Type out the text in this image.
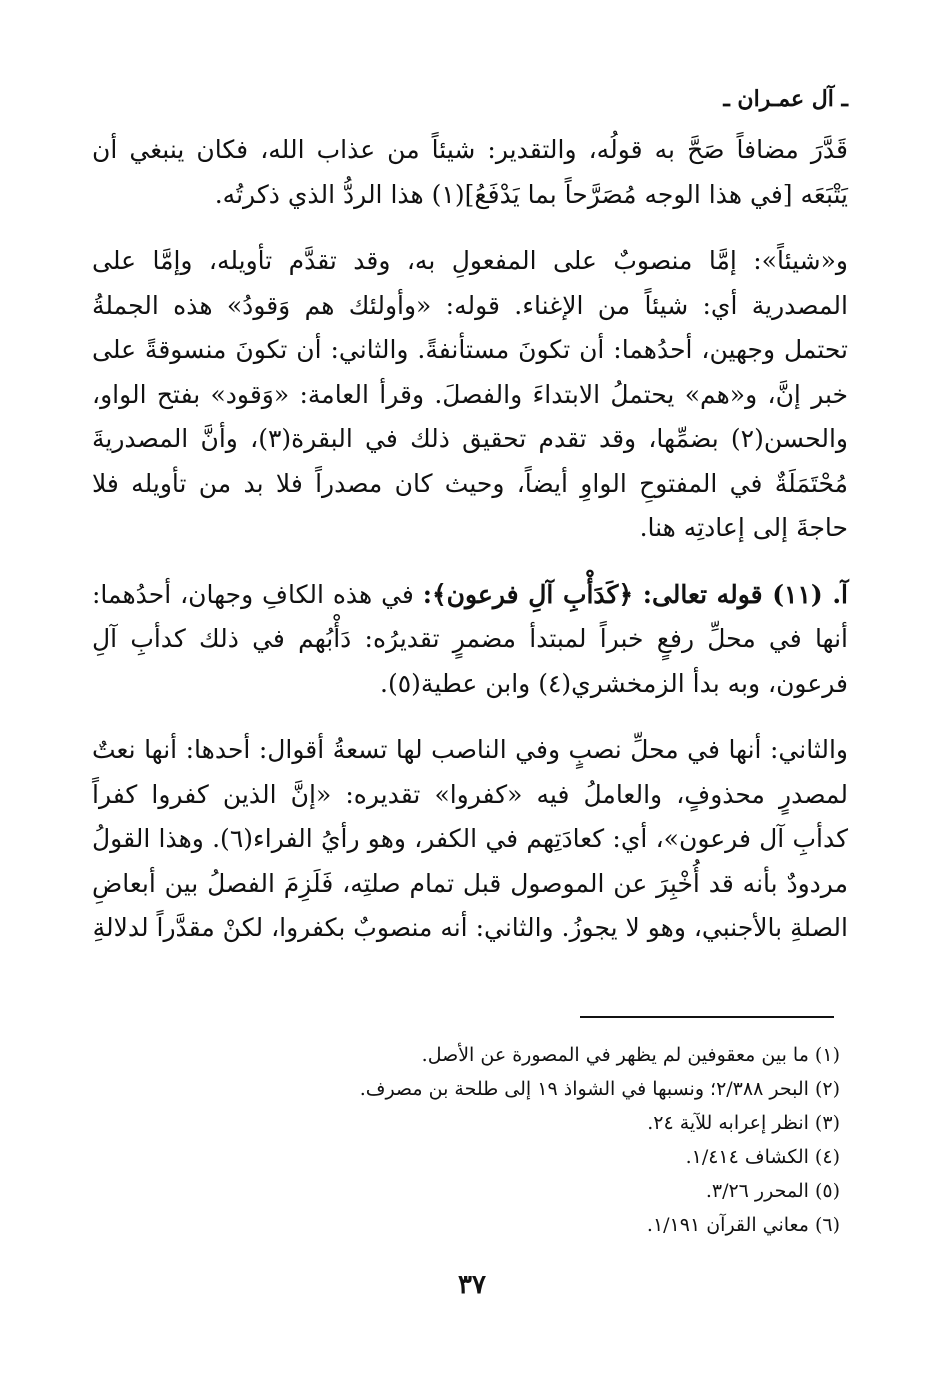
ـ آل عمـران ـ

قَدَّرَ مضافاً صَحَّ به قولُه، والتقدير: شيئاً من عذاب الله، فكان ينبغي أن يَتْبَعَه [في هذا الوجه مُصَرَّحاً بما يَدْفَعُ](١) هذا الردُّ الذي ذكرتُه.

و«شيئاً»: إمَّا منصوبٌ على المفعولِ به، وقد تقدَّم تأويله، وإمَّا على المصدرية أي: شيئاً من الإغناء. قوله: «وأولئك هم وَقودُ» هذه الجملةُ تحتمل وجهين، أحدُهما: أن تكونَ مستأنفةً. والثاني: أن تكونَ منسوقةً على خبر إنَّ، و«هم» يحتملُ الابتداءَ والفصلَ. وقرأ العامة: «وَقود» بفتح الواو، والحسن(٢) بضمِّها، وقد تقدم تحقيق ذلك في البقرة(٣)، وأنَّ المصدريةَ مُحْتَمَلَةٌ في المفتوحِ الواوِ أيضاً، وحيث كان مصدراً فلا بد من تأويله فلا حاجةَ إلى إعادتِه هنا.

آ. (١١) قوله تعالى: ﴿كَدَأْبِ آلِ فرعون﴾: في هذه الكافِ وجهان، أحدُهما: أنها في محلِّ رفعٍ خبراً لمبتدأ مضمرٍ تقديرُه: دَأْبُهم في ذلك كدأبِ آلِ فرعون، وبه بدأ الزمخشري(٤) وابن عطية(٥).

والثاني: أنها في محلِّ نصبٍ وفي الناصب لها تسعةُ أقوال: أحدها: أنها نعتٌ لمصدرٍ محذوفٍ، والعاملُ فيه «كفروا» تقديره: «إنَّ الذين كفروا كفراً كدأبِ آل فرعون»، أي: كعادَتِهم في الكفر، وهو رأيُ الفراء(٦). وهذا القولُ مردودٌ بأنه قد أُخْبِرَ عن الموصول قبل تمام صلتِه، فَلَزِمَ الفصلُ بين أبعاضِ الصلةِ بالأجنبي، وهو لا يجوزُ. والثاني: أنه منصوبٌ بكفروا، لكنْ مقدَّراً لدلالةِ

(١) ما بين معقوفين لم يظهر في المصورة عن الأصل.
(٢) البحر ٢/٣٨٨؛ ونسبها في الشواذ ١٩ إلى طلحة بن مصرف.
(٣) انظر إعرابه للآية ٢٤.
(٤) الكشاف ١/٤١٤.
(٥) المحرر ٣/٢٦.
(٦) معاني القرآن ١/١٩١.
٣٧
